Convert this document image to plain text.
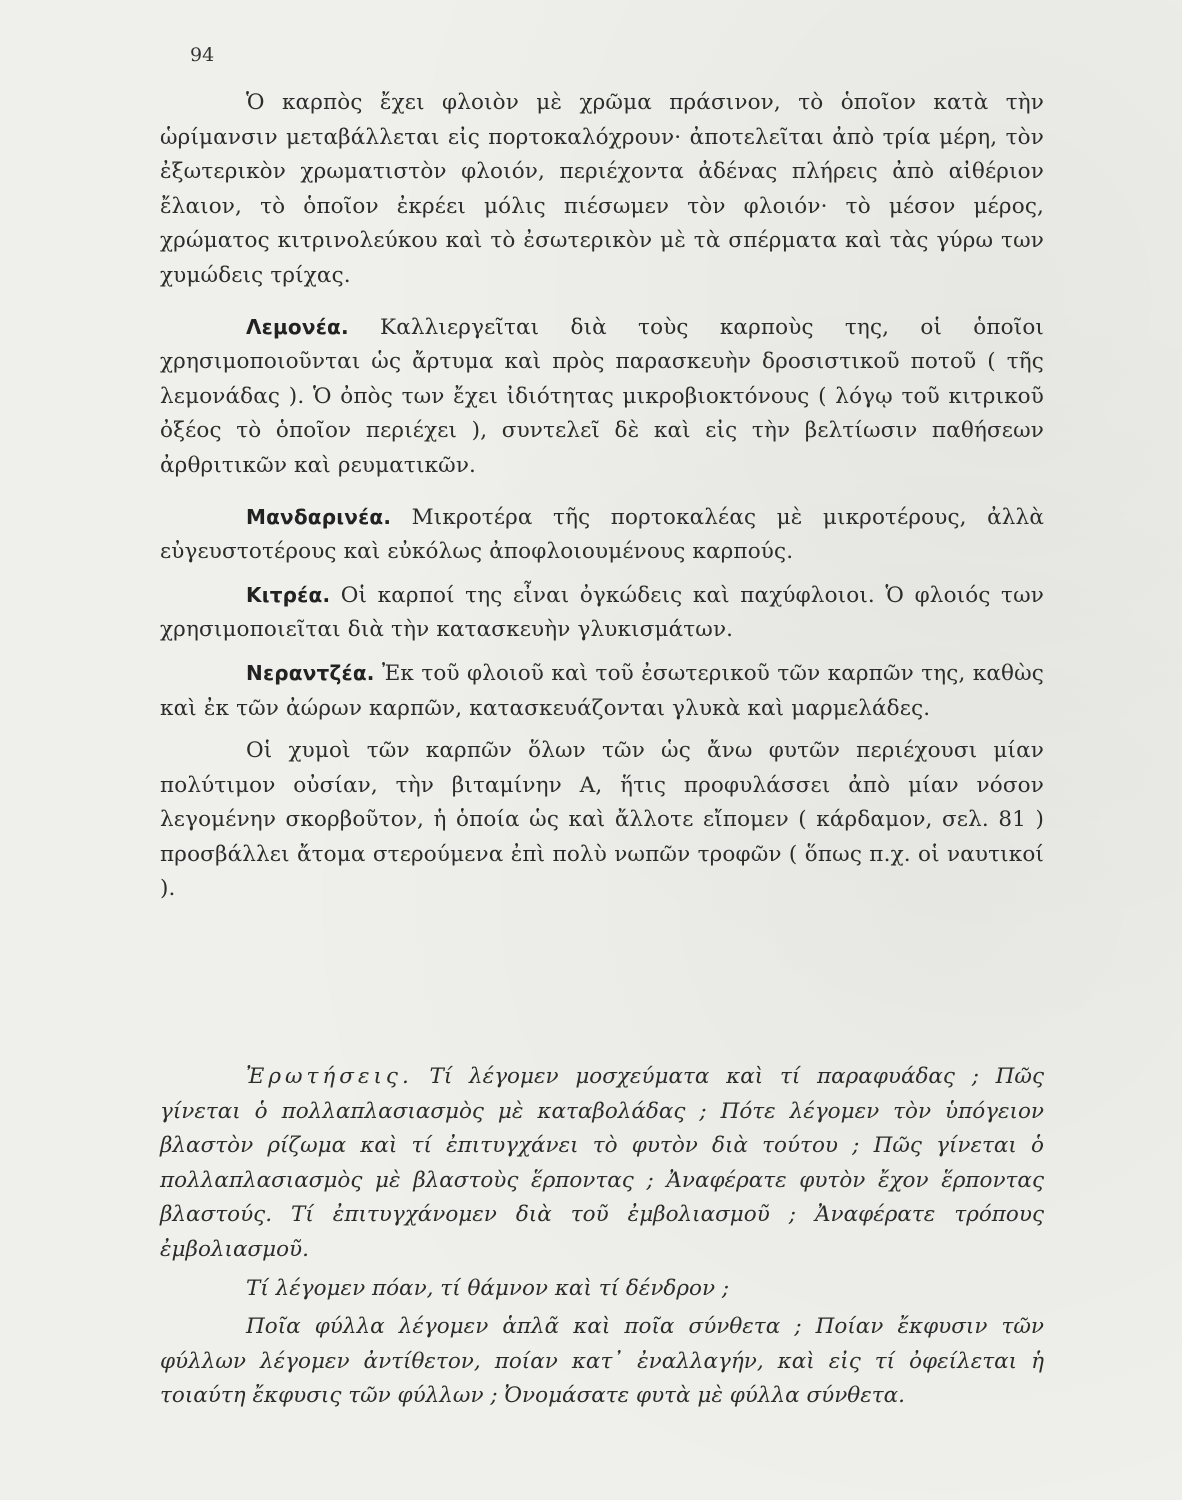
94

Ὁ καρπὸς ἔχει φλοιὸν μὲ χρῶμα πράσινον, τὸ ὁποῖον κατὰ τὴν ὡρίμανσιν μεταβάλλεται εἰς πορτοκαλόχρουν· ἀποτελεῖται ἀπὸ τρία μέρη, τὸν ἐξωτερικὸν χρωματιστὸν φλοιόν, περιέχοντα ἀδένας πλήρεις ἀπὸ αἰθέριον ἔλαιον, τὸ ὁποῖον ἐκρέει μόλις πιέσωμεν τὸν φλοιόν· τὸ μέσον μέρος, χρώματος κιτρινολεύκου καὶ τὸ ἐσωτερικὸν μὲ τὰ σπέρματα καὶ τὰς γύρω των χυμώδεις τρίχας.

Λεμονέα. Καλλιεργεῖται διὰ τοὺς καρποὺς της, οἱ ὁποῖοι χρησιμοποιοῦνται ὡς ἄρτυμα καὶ πρὸς παρασκευὴν δροσιστικοῦ ποτοῦ ( τῆς λεμονάδας ). Ὁ ὀπὸς των ἔχει ἰδιότητας μικροβιοκτόνους ( λόγῳ τοῦ κιτρικοῦ ὀξέος τὸ ὁποῖον περιέχει ), συντελεῖ δὲ καὶ εἰς τὴν βελτίωσιν παθήσεων ἀρθριτικῶν καὶ ρευματικῶν.

Μανδαρινέα. Μικροτέρα τῆς πορτοκαλέας μὲ μικροτέρους, ἀλλὰ εὐγευστοτέρους καὶ εὐκόλως ἀποφλοιουμένους καρπούς.

Κιτρέα. Οἱ καρποί της εἶναι ὀγκώδεις καὶ παχύφλοιοι. Ὁ φλοιός των χρησιμοποιεῖται διὰ τὴν κατασκευὴν γλυκισμάτων.

Νεραντζέα. Ἐκ τοῦ φλοιοῦ καὶ τοῦ ἐσωτερικοῦ τῶν καρπῶν της, καθὼς καὶ ἐκ τῶν ἀώρων καρπῶν, κατασκευάζονται γλυκὰ καὶ μαρμελάδες.

Οἱ χυμοὶ τῶν καρπῶν ὅλων τῶν ὡς ἄνω φυτῶν περιέχουσι μίαν πολύτιμον οὐσίαν, τὴν βιταμίνην Α, ἥτις προφυλάσσει ἀπὸ μίαν νόσον λεγομένην σκορβοῦτον, ἡ ὁποία ὡς καὶ ἄλλοτε εἴπομεν ( κάρδαμον, σελ. 81 ) προσβάλλει ἄτομα στερούμενα ἐπὶ πολὺ νωπῶν τροφῶν ( ὅπως π.χ. οἱ ναυτικοί ).

Ἐρωτήσεις. Τί λέγομεν μοσχεύματα καὶ τί παραφυάδας ; Πῶς γίνεται ὁ πολλαπλασιασμὸς μὲ καταβολάδας ; Πότε λέγομεν τὸν ὑπόγειον βλαστὸν ρίζωμα καὶ τί ἐπιτυγχάνει τὸ φυτὸν διὰ τούτου ; Πῶς γίνεται ὁ πολλαπλασιασμὸς μὲ βλαστοὺς ἕρποντας ; Ἀναφέρατε φυτὸν ἔχον ἕρποντας βλαστούς. Τί ἐπιτυγχάνομεν διὰ τοῦ ἐμβολιασμοῦ ; Ἀναφέρατε τρόπους ἐμβολιασμοῦ.

Τί λέγομεν πόαν, τί θάμνον καὶ τί δένδρον ;

Ποῖα φύλλα λέγομεν ἁπλᾶ καὶ ποῖα σύνθετα ; Ποίαν ἔκφυσιν τῶν φύλλων λέγομεν ἀντίθετον, ποίαν κατ᾽ ἐναλλαγήν, καὶ εἰς τί ὀφείλεται ἡ τοιαύτη ἔκφυσις τῶν φύλλων ; Ὀνομάσατε φυτὰ μὲ φύλλα σύνθετα.
